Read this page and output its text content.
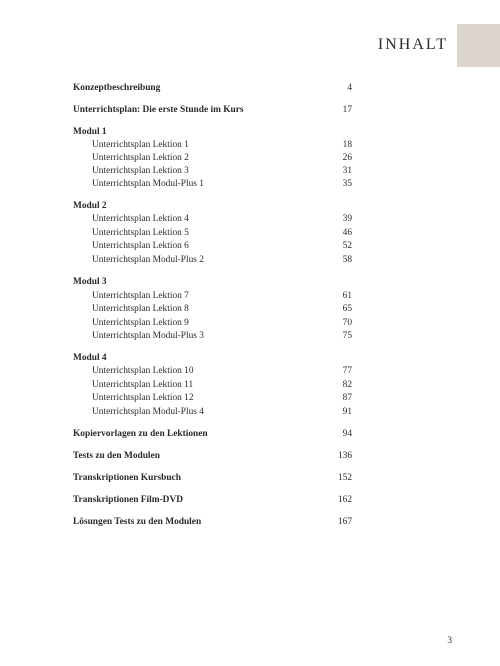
INHALT
Konzeptbeschreibung	4
Unterrichtsplan: Die erste Stunde im Kurs	17
Modul 1
Unterrichtsplan Lektion 1	18
Unterrichtsplan Lektion 2	26
Unterrichtsplan Lektion 3	31
Unterrichtsplan Modul-Plus 1	35
Modul 2
Unterrichtsplan Lektion 4	39
Unterrichtsplan Lektion 5	46
Unterrichtsplan Lektion 6	52
Unterrichtsplan Modul-Plus 2	58
Modul 3
Unterrichtsplan Lektion 7	61
Unterrichtsplan Lektion 8	65
Unterrichtsplan Lektion 9	70
Unterrichtsplan Modul-Plus 3	75
Modul 4
Unterrichtsplan Lektion 10	77
Unterrichtsplan Lektion 11	82
Unterrichtsplan Lektion 12	87
Unterrichtsplan Modul-Plus 4	91
Kopiervorlagen zu den Lektionen	94
Tests zu den Modulen	136
Transkriptionen Kursbuch	152
Transkriptionen Film-DVD	162
Lösungen Tests zu den Modulen	167
3
